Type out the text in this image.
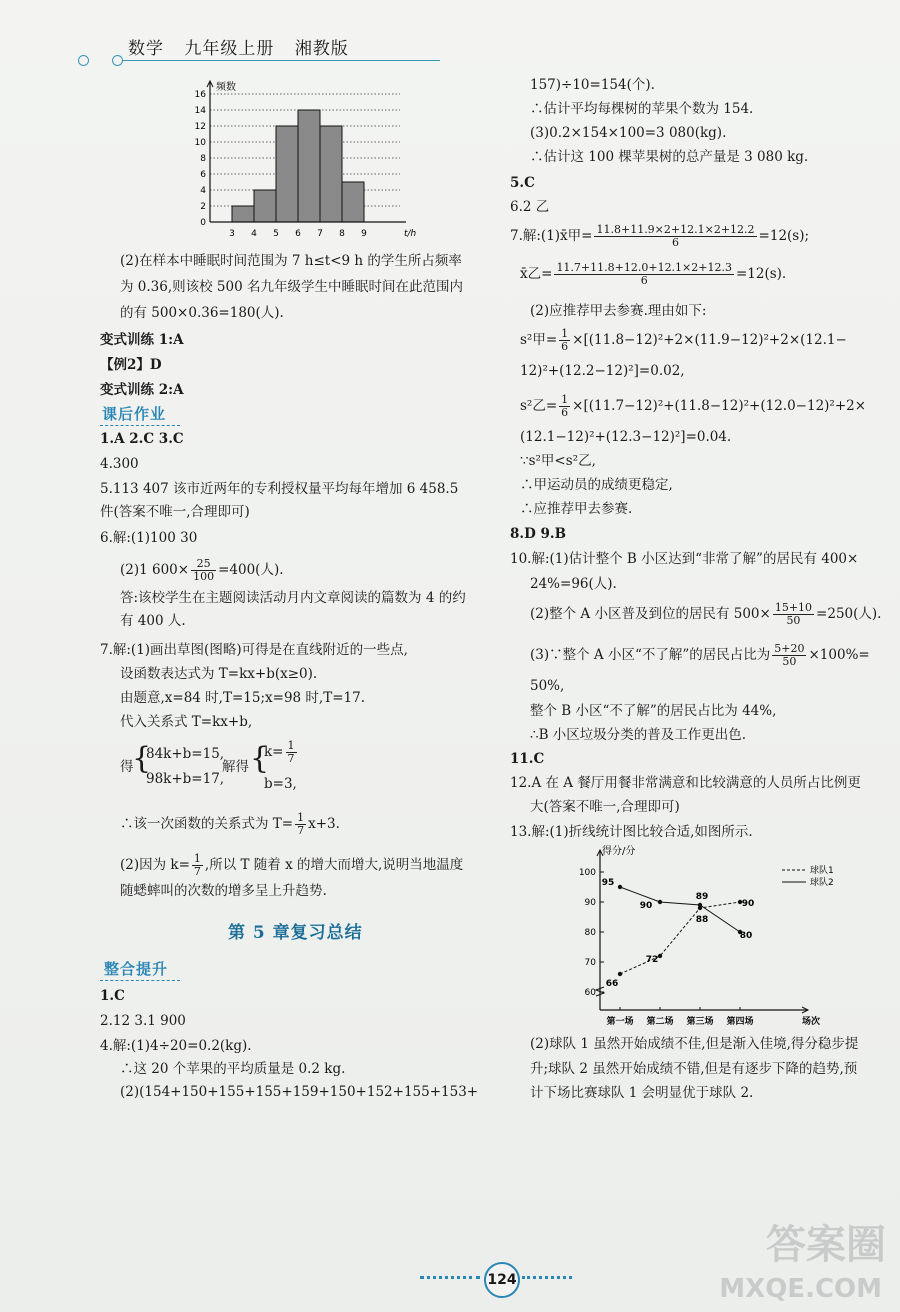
数学 九年级上册 湘教版
0
2
4
6
8
10
12
14
16
3 4 5 6 7 8 9	t/h
频数
(2)在样本中睡眠时间范围为 7 h≤t<9 h 的学生所占频率
为 0.36,则该校 500 名九年级学生中睡眠时间在此范围内
的有 500×0.36=180(人).
变式训练 1:A
【例2】D
变式训练 2:A
课后作业
1.A 2.C 3.C
4.300
5.113 407 该市近两年的专利授权量平均每年增加 6 458.5
件(答案不唯一,合理即可)
6.解:(1)100 30
(2)1 $600\times \frac{25}{100} =400$(人).
答:该校学生在主题阅读活动月内文章阅读的篇数为 4 的约
有 400 人.
7.解:(1)画出草图(图略)可得是在直线附近的一些点,
设函数表达式为 T=kx+b(x≥0).
由题意,x=84 时,T=15;x=98 时,T=17.
代入关系式 T=kx+b,
得
{
84k+b=15,
98k+b=17,
解得 {
$k= \frac{1}{7}$
b=3,
∴该一次函数的关系式为 $T= \frac{1}{7} x+3$.
(2)因为 $k= \frac{1}{7}$ ,所以 T 随着 x 的增大而增大,说明当地温度
随蟋蟀叫的次数的增多呈上升趋势.
第 5 章复习总结
整合提升
1.C
2.12 3.1 900
4.解:(1)4÷20=0.2(kg).
∴这 20 个苹果的平均质量是 0.2 kg.
(2)(154+150+155+155+159+150+152+155+153+
157)÷10=154(个).
∴估计平均每棵树的苹果个数为 154.
(3)0.2×154×100=3 080(kg).
∴估计这 100 棵苹果树的总产量是 3 080 kg.
5.C
6.2 乙
7.解:(1)x̄甲= $\frac{11.8+11.9\times 2+12.1\times 2+12.2}{6} =12(s)$;
x̄乙= $\frac{11.7+11.8+12.0+12.1\times 2+12.3}{6} =12(s)$.
(2)应推荐甲去参赛.理由如下:
s²甲= $\frac{1}{6} \times[(11.8-12)^2+2\times(11.9-12)^2+2\times(12.1-$
12)²+(12.2−12)²]=0.02,
s²乙= $\frac{1}{6} \times[(11.7-12)^2+(11.8-12)^2+(12.0-12)^2+2\times$
(12.1−12)²+(12.3−12)²]=0.04.
∵s²甲<s²乙,
∴甲运动员的成绩更稳定,
∴应推荐甲去参赛.
8.D 9.B
10.解:(1)估计整个 B 小区达到“非常了解”的居民有 400×
24%=96(人).
(2)整个 A 小区普及到位的居民有 $500\times \frac{15+10}{50} =250$(人).
(3)∵整个 A 小区“不了解”的居民占比为 $\frac{5+20}{50} \times 100\%=$
50%,
整个 B 小区“不了解”的居民占比为 44%,
∴B 小区垃圾分类的普及工作更出色.
11.C
12.A 在 A 餐厅用餐非常满意和比较满意的人员所占比例更
大(答案不唯一,合理即可)
13.解:(1)折线统计图比较合适,如图所示.
得分/分
60
70
80
90
100
第一场 第二场 第三场 第四场	场次
球队1
球队2
66
72
88
90
95
90
89
80
(2)球队 1 虽然开始成绩不佳,但是渐入佳境,得分稳步提
升;球队 2 虽然开始成绩不错,但是有逐步下降的趋势,预
计下场比赛球队 1 会明显优于球队 2.
124
答案圈
MXQE.COM
